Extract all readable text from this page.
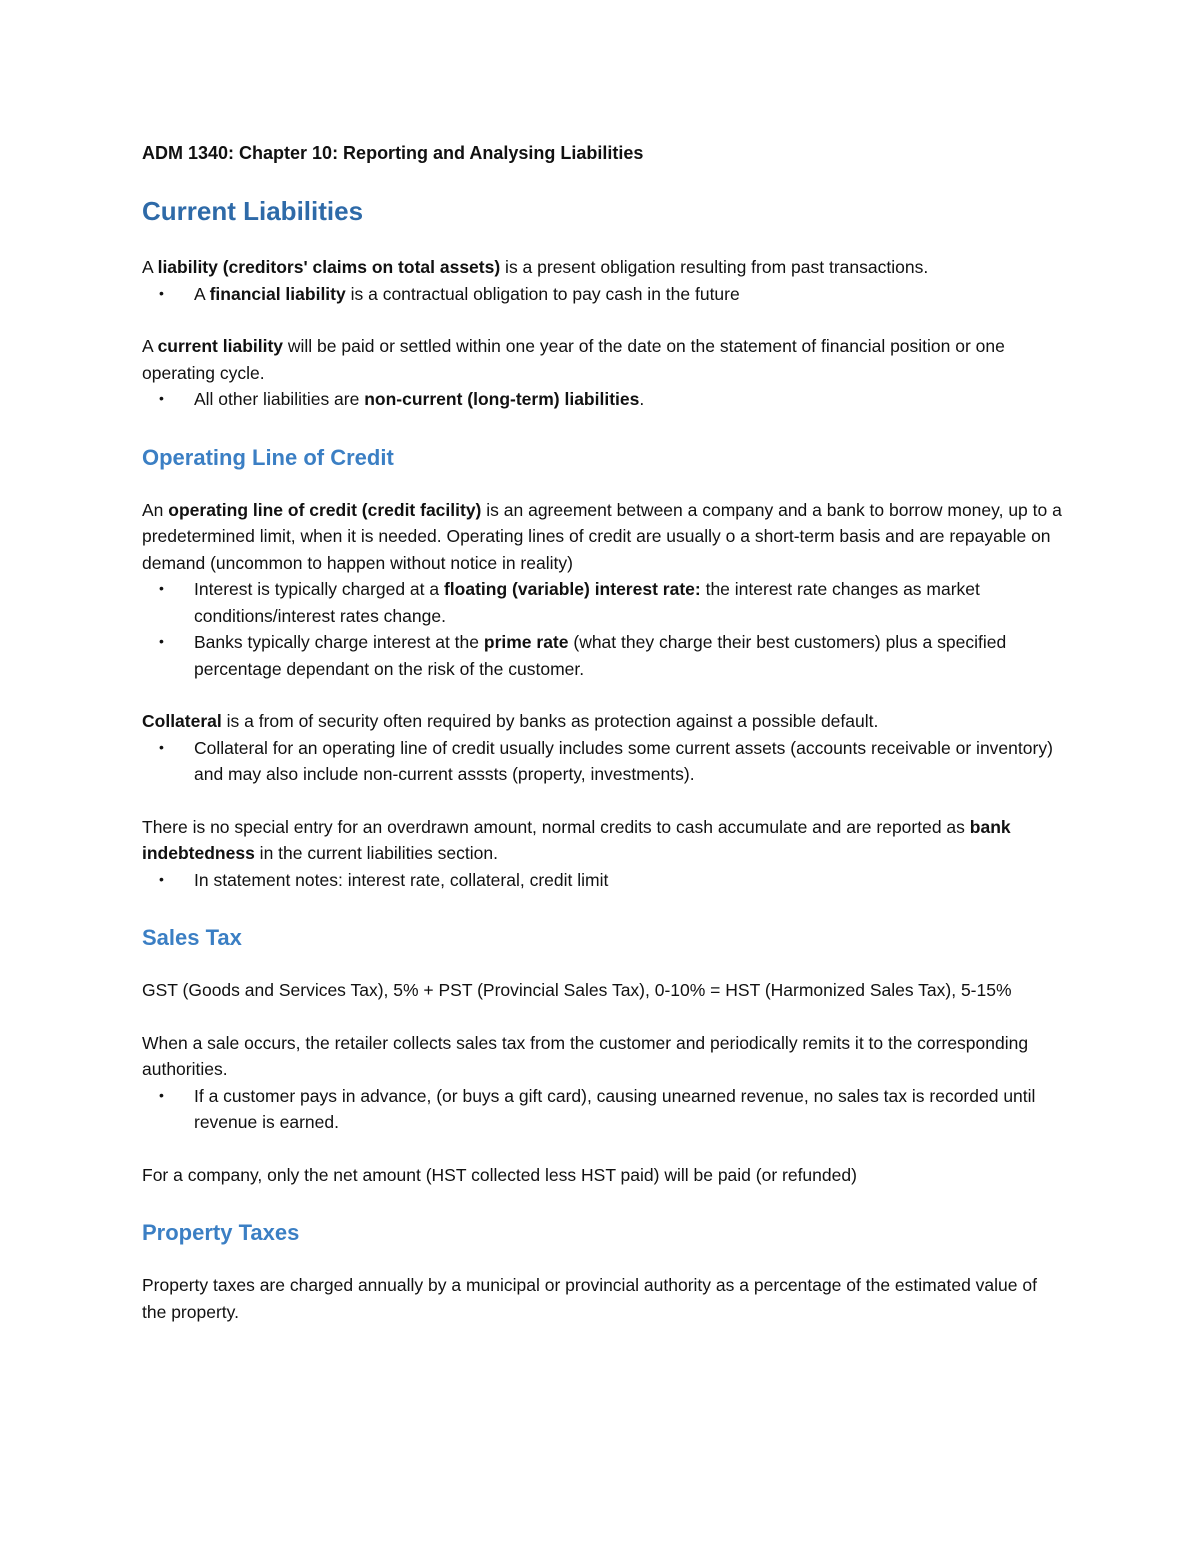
ADM 1340: Chapter 10: Reporting and Analysing Liabilities
Current Liabilities

A liability (creditors' claims on total assets) is a present obligation resulting from past transactions.

• A financial liability is a contractual obligation to pay cash in the future

A current liability will be paid or settled within one year of the date on the statement of financial position or one operating cycle.

• All other liabilities are non-current (long-term) liabilities.
Operating Line of Credit

An operating line of credit (credit facility) is an agreement between a company and a bank to borrow money, up to a predetermined limit, when it is needed. Operating lines of credit are usually o a short-term basis and are repayable on demand (uncommon to happen without notice in reality)

• Interest is typically charged at a floating (variable) interest rate: the interest rate changes as market conditions/interest rates change.
• Banks typically charge interest at the prime rate (what they charge their best customers) plus a specified percentage dependant on the risk of the customer.

Collateral is a from of security often required by banks as protection against a possible default.

• Collateral for an operating line of credit usually includes some current assets (accounts receivable or inventory) and may also include non-current asssts (property, investments).

There is no special entry for an overdrawn amount, normal credits to cash accumulate and are reported as bank indebtedness in the current liabilities section.

• In statement notes: interest rate, collateral, credit limit
Sales Tax

GST (Goods and Services Tax), 5% + PST (Provincial Sales Tax), 0-10% = HST (Harmonized Sales Tax), 5-15%

When a sale occurs, the retailer collects sales tax from the customer and periodically remits it to the corresponding authorities.

• If a customer pays in advance, (or buys a gift card), causing unearned revenue, no sales tax is recorded until revenue is earned.

For a company, only the net amount (HST collected less HST paid) will be paid (or refunded)

Property Taxes

Property taxes are charged annually by a municipal or provincial authority as a percentage of the estimated value of the property.
